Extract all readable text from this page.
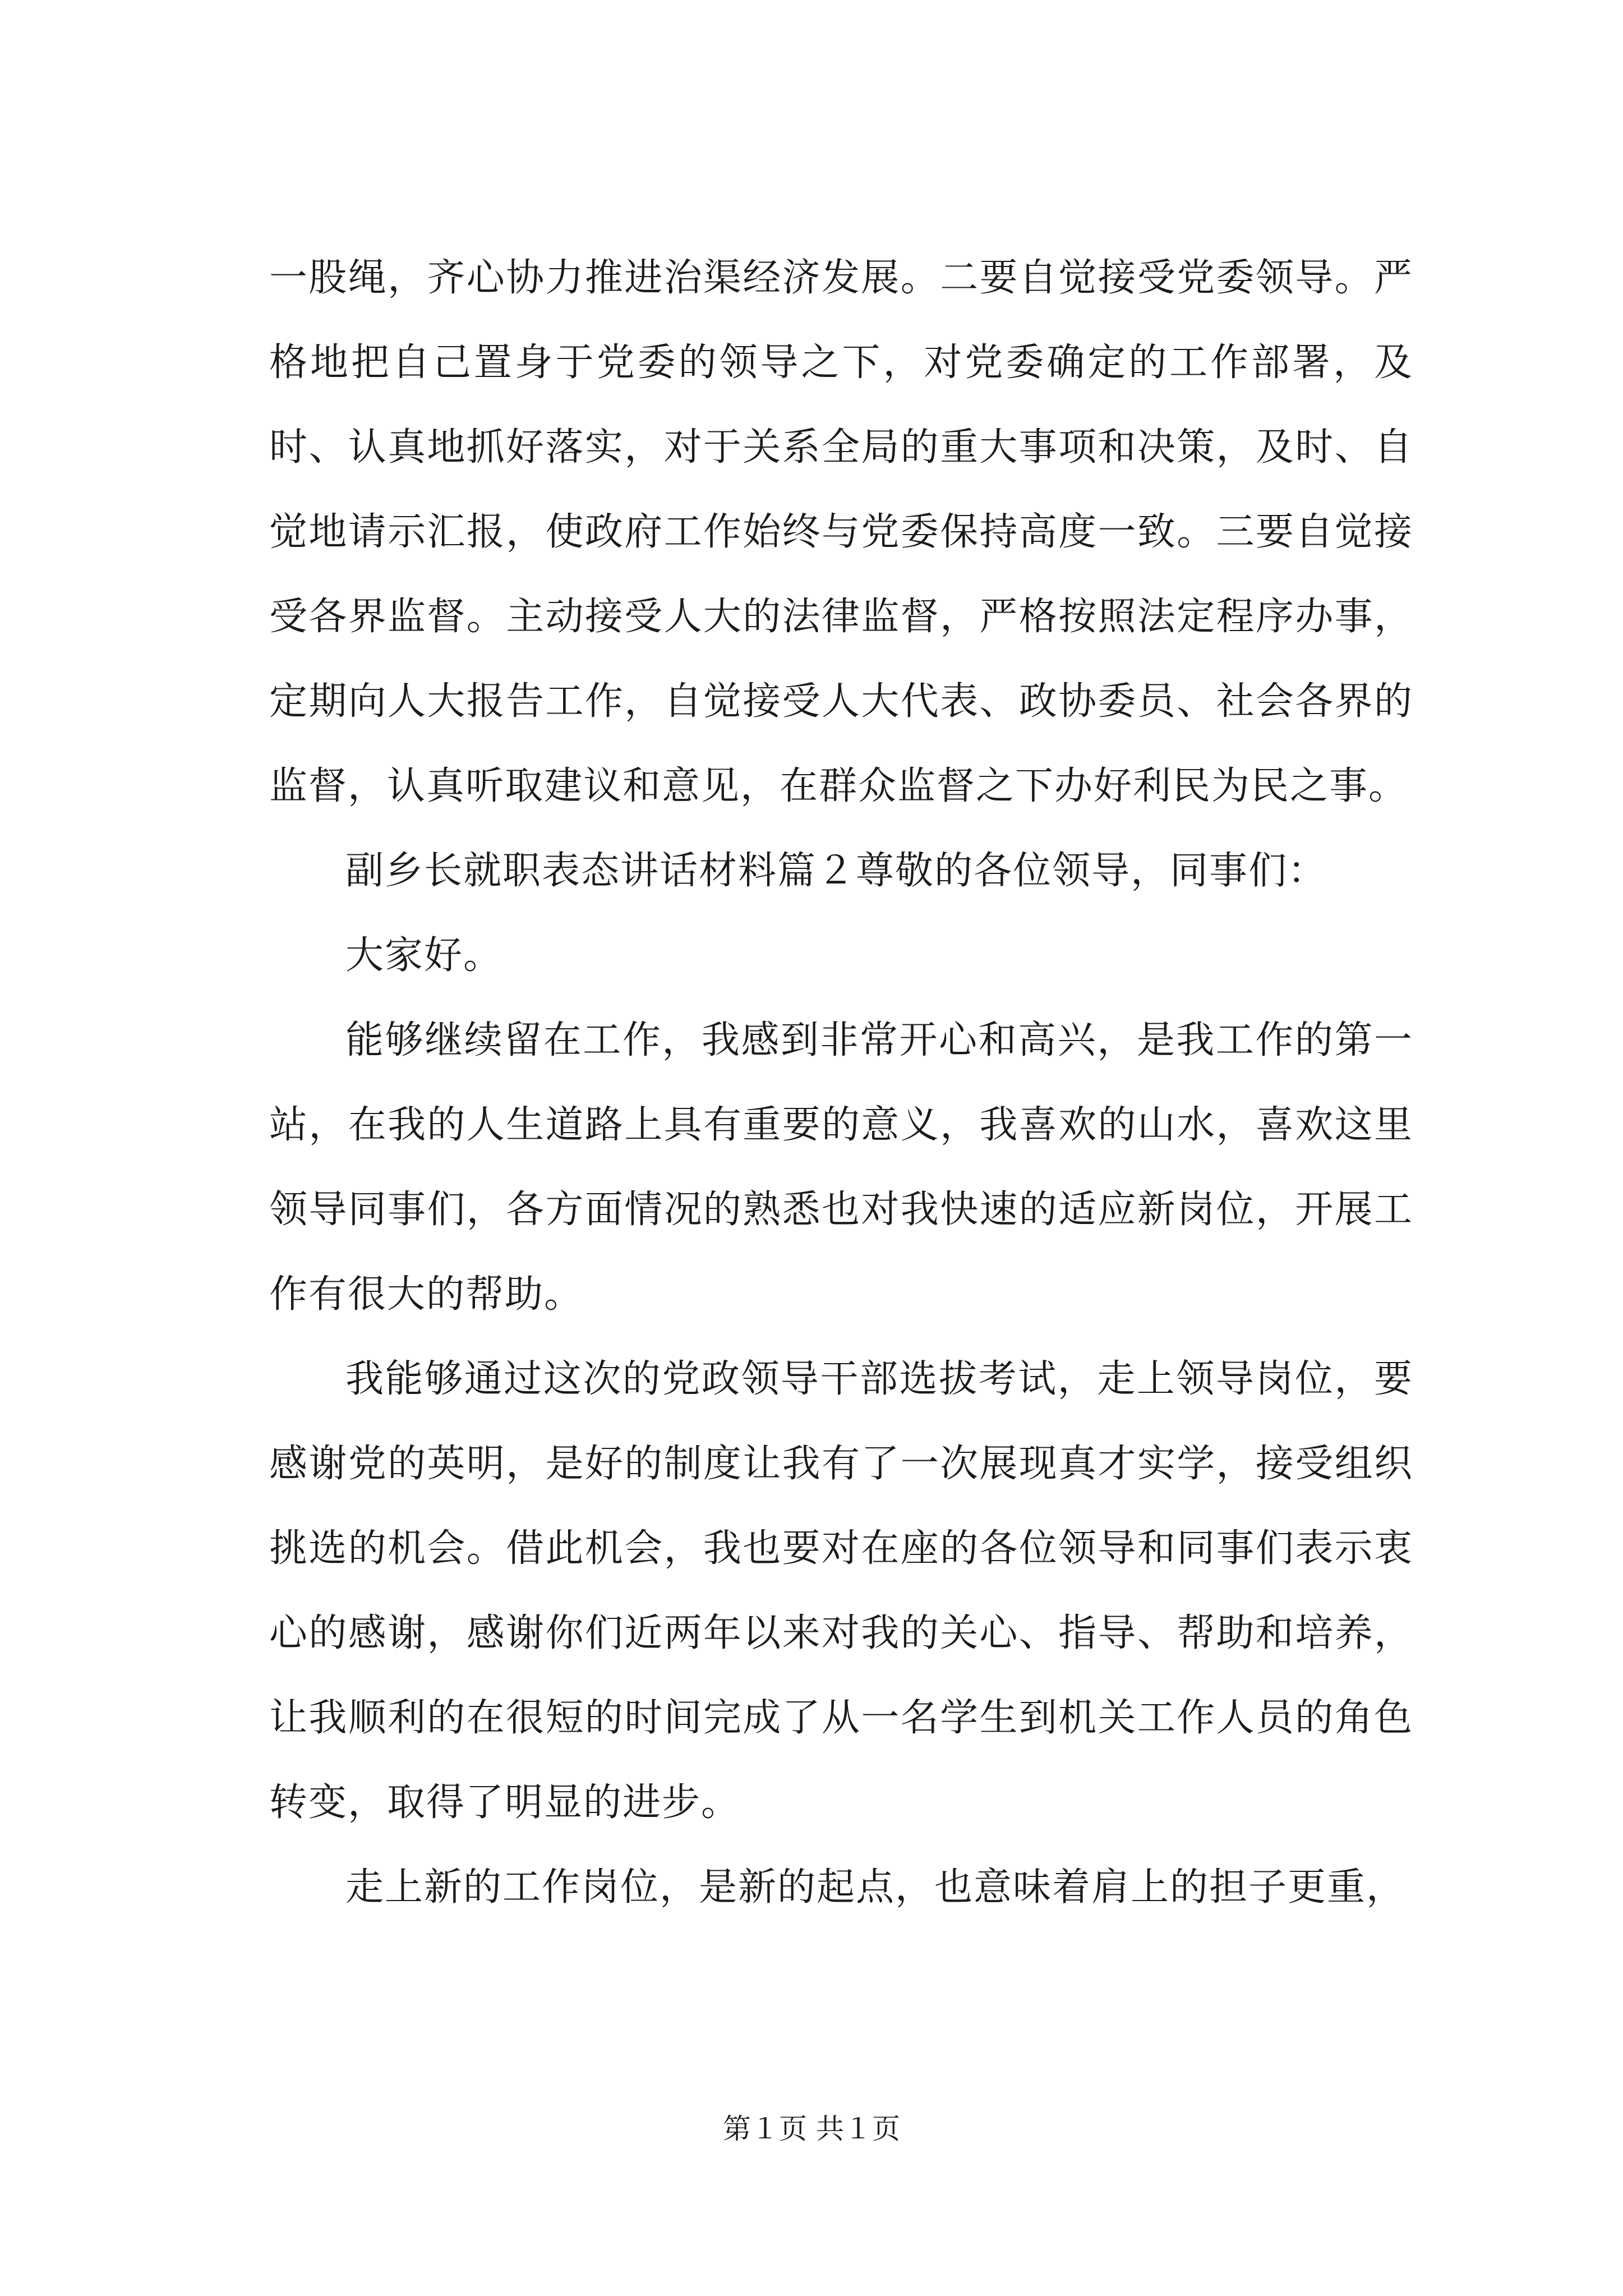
一股绳，齐心协力推进治渠经济发展。二要自觉接受党委领导。严格地把自己置身于党委的领导之下，对党委确定的工作部署，及时、认真地抓好落实，对于关系全局的重大事项和决策，及时、自觉地请示汇报，使政府工作始终与党委保持高度一致。三要自觉接受各界监督。主动接受人大的法律监督，严格按照法定程序办事，定期向人大报告工作，自觉接受人大代表、政协委员、社会各界的监督，认真听取建议和意见，在群众监督之下办好利民为民之事。

副乡长就职表态讲话材料篇２尊敬的各位领导，同事们：

大家好。

能够继续留在工作，我感到非常开心和高兴，是我工作的第一站，在我的人生道路上具有重要的意义，我喜欢的山水，喜欢这里领导同事们，各方面情况的熟悉也对我快速的适应新岗位，开展工作有很大的帮助。

我能够通过这次的党政领导干部选拔考试，走上领导岗位，要感谢党的英明，是好的制度让我有了一次展现真才实学，接受组织挑选的机会。借此机会，我也要对在座的各位领导和同事们表示衷心的感谢，感谢你们近两年以来对我的关心、指导、帮助和培养，让我顺利的在很短的时间完成了从一名学生到机关工作人员的角色转变，取得了明显的进步。

走上新的工作岗位，是新的起点，也意味着肩上的担子更重，

第１页 共１页
